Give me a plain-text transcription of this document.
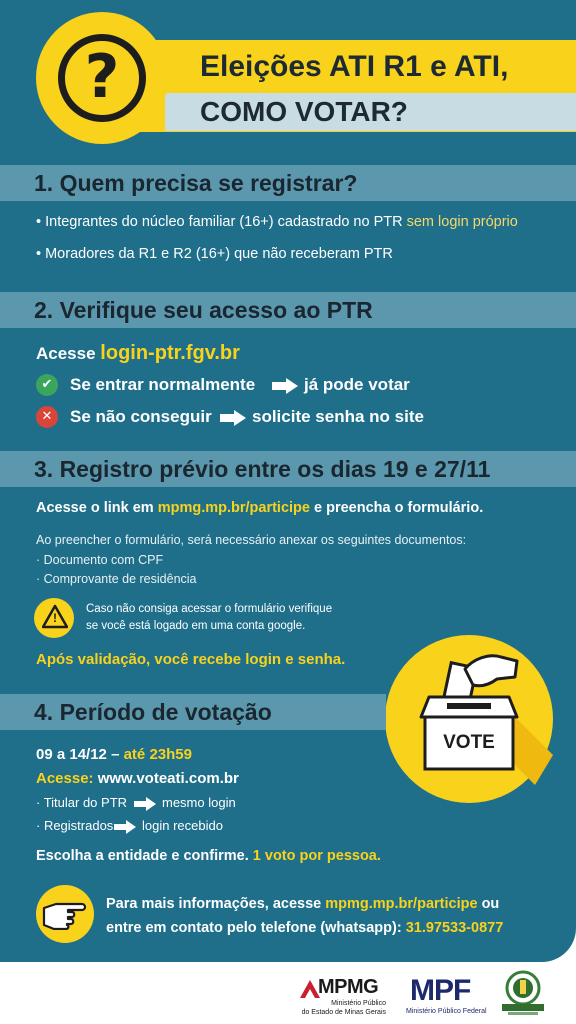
?	Eleições ATI R1 e ATI,
COMO VOTAR?
1. Quem precisa se registrar?
• Integrantes do núcleo familiar (16+) cadastrado no PTR sem login próprio
• Moradores da R1 e R2 (16+) que não receberam PTR
2. Verifique seu acesso ao PTR
Acesse login-ptr.fgv.br
✔	Se entrar normalmente	já pode votar
✕	Se não conseguir solicite senha no site
3. Registro prévio entre os dias 19 e 27/11
Acesse o link em mpmg.mp.br/participe e preencha o formulário.
Ao preencher o formulário, será necessário anexar os seguintes documentos:
· Documento com CPF
· Comprovante de residência
!
Caso não consiga acessar o formulário verifique
se você está logado em uma conta google.
Após validação, você recebe login e senha.
VOTE
4. Período de votação
09 a 14/12 – até 23h59
Acesse: www.voteati.com.br
· Titular do PTR	mesmo login
· Registrados login recebido
Escolha a entidade e confirme. 1 voto por pessoa.
Para mais informações, acesse mpmg.mp.br/participe ou
entre em contato pelo telefone (whatsapp): 31.97533-0877
MPMG
Ministério Público
do Estado de Minas Gerais
MPF
Ministério Público Federal
